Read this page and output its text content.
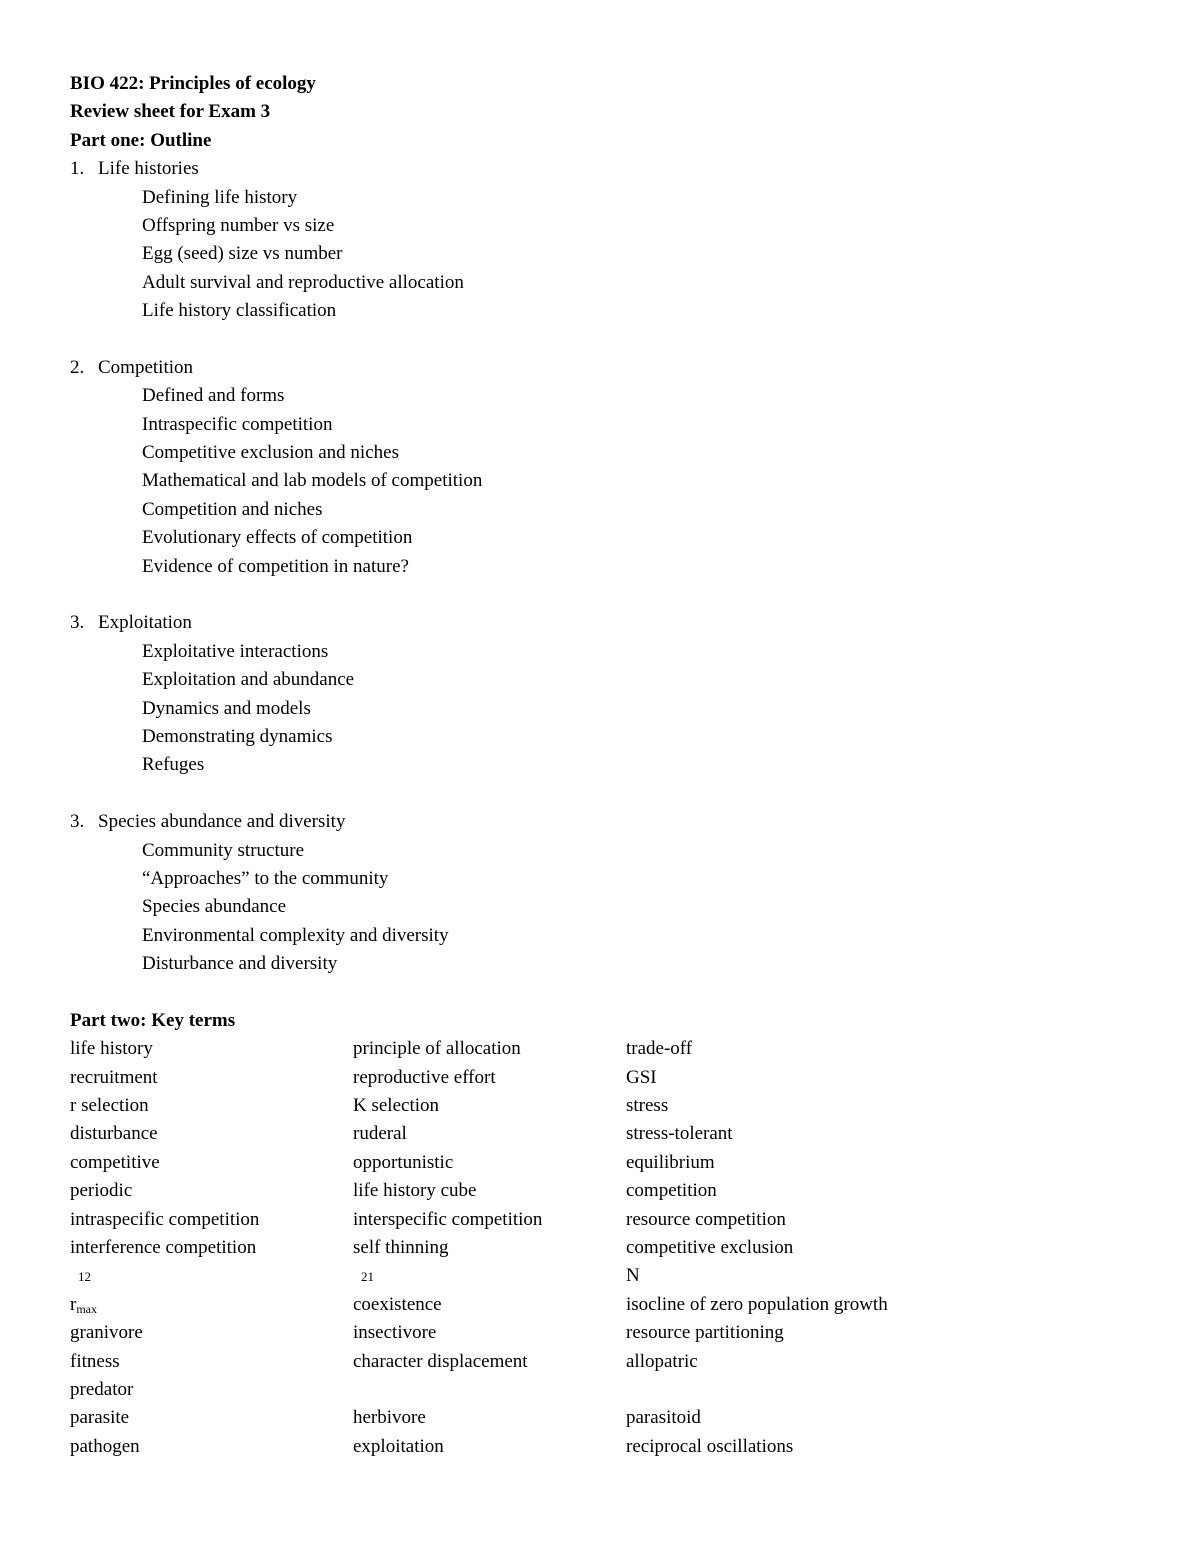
BIO 422: Principles of ecology
Review sheet for Exam 3
Part one: Outline
1. Life histories
Defining life history
Offspring number vs size
Egg (seed) size vs number
Adult survival and reproductive allocation
Life history classification
2. Competition
Defined and forms
Intraspecific competition
Competitive exclusion and niches
Mathematical and lab models of competition
Competition and niches
Evolutionary effects of competition
Evidence of competition in nature?
3. Exploitation
Exploitative interactions
Exploitation and abundance
Dynamics and models
Demonstrating dynamics
Refuges
3. Species abundance and diversity
Community structure
“Approaches” to the community
Species abundance
Environmental complexity and diversity
Disturbance and diversity
Part two: Key terms
life history	principle of allocation	trade-off
recruitment	reproductive effort	GSI
r selection	K selection	stress
disturbance	ruderal	stress-tolerant
competitive	opportunistic	equilibrium
periodic	life history cube	competition
intraspecific competition	interspecific competition	resource competition
interference competition	self thinning	competitive exclusion
12	21	N
rmax	coexistence	isocline of zero population growth
granivore	insectivore	resource partitioning
fitness	character displacement	allopatric
predator
parasite	herbivore	parasitoid
pathogen	exploitation	reciprocal oscillations
